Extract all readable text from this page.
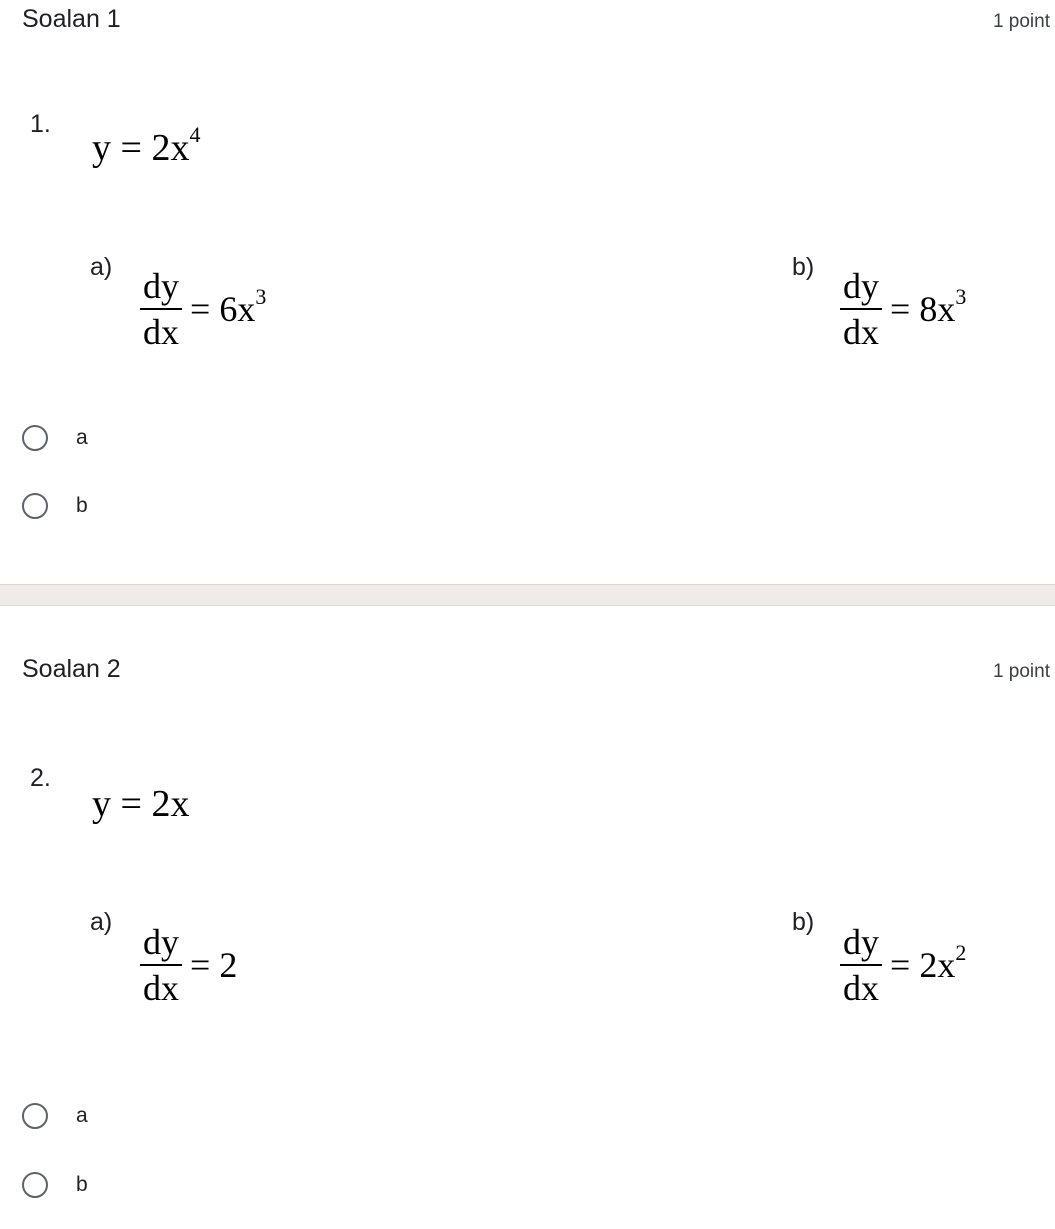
Soalan 1	1 point
1.
$y = 2x^4$
a)
$\frac{dy}{dx} = 6x^3$
b)
$\frac{dy}{dx} = 8x^3$
a
b
Soalan 2	1 point
2.
y = 2x
a)
$\frac{dy}{dx} = 2$
b)
$\frac{dy}{dx} = 2x^2$
a
b
